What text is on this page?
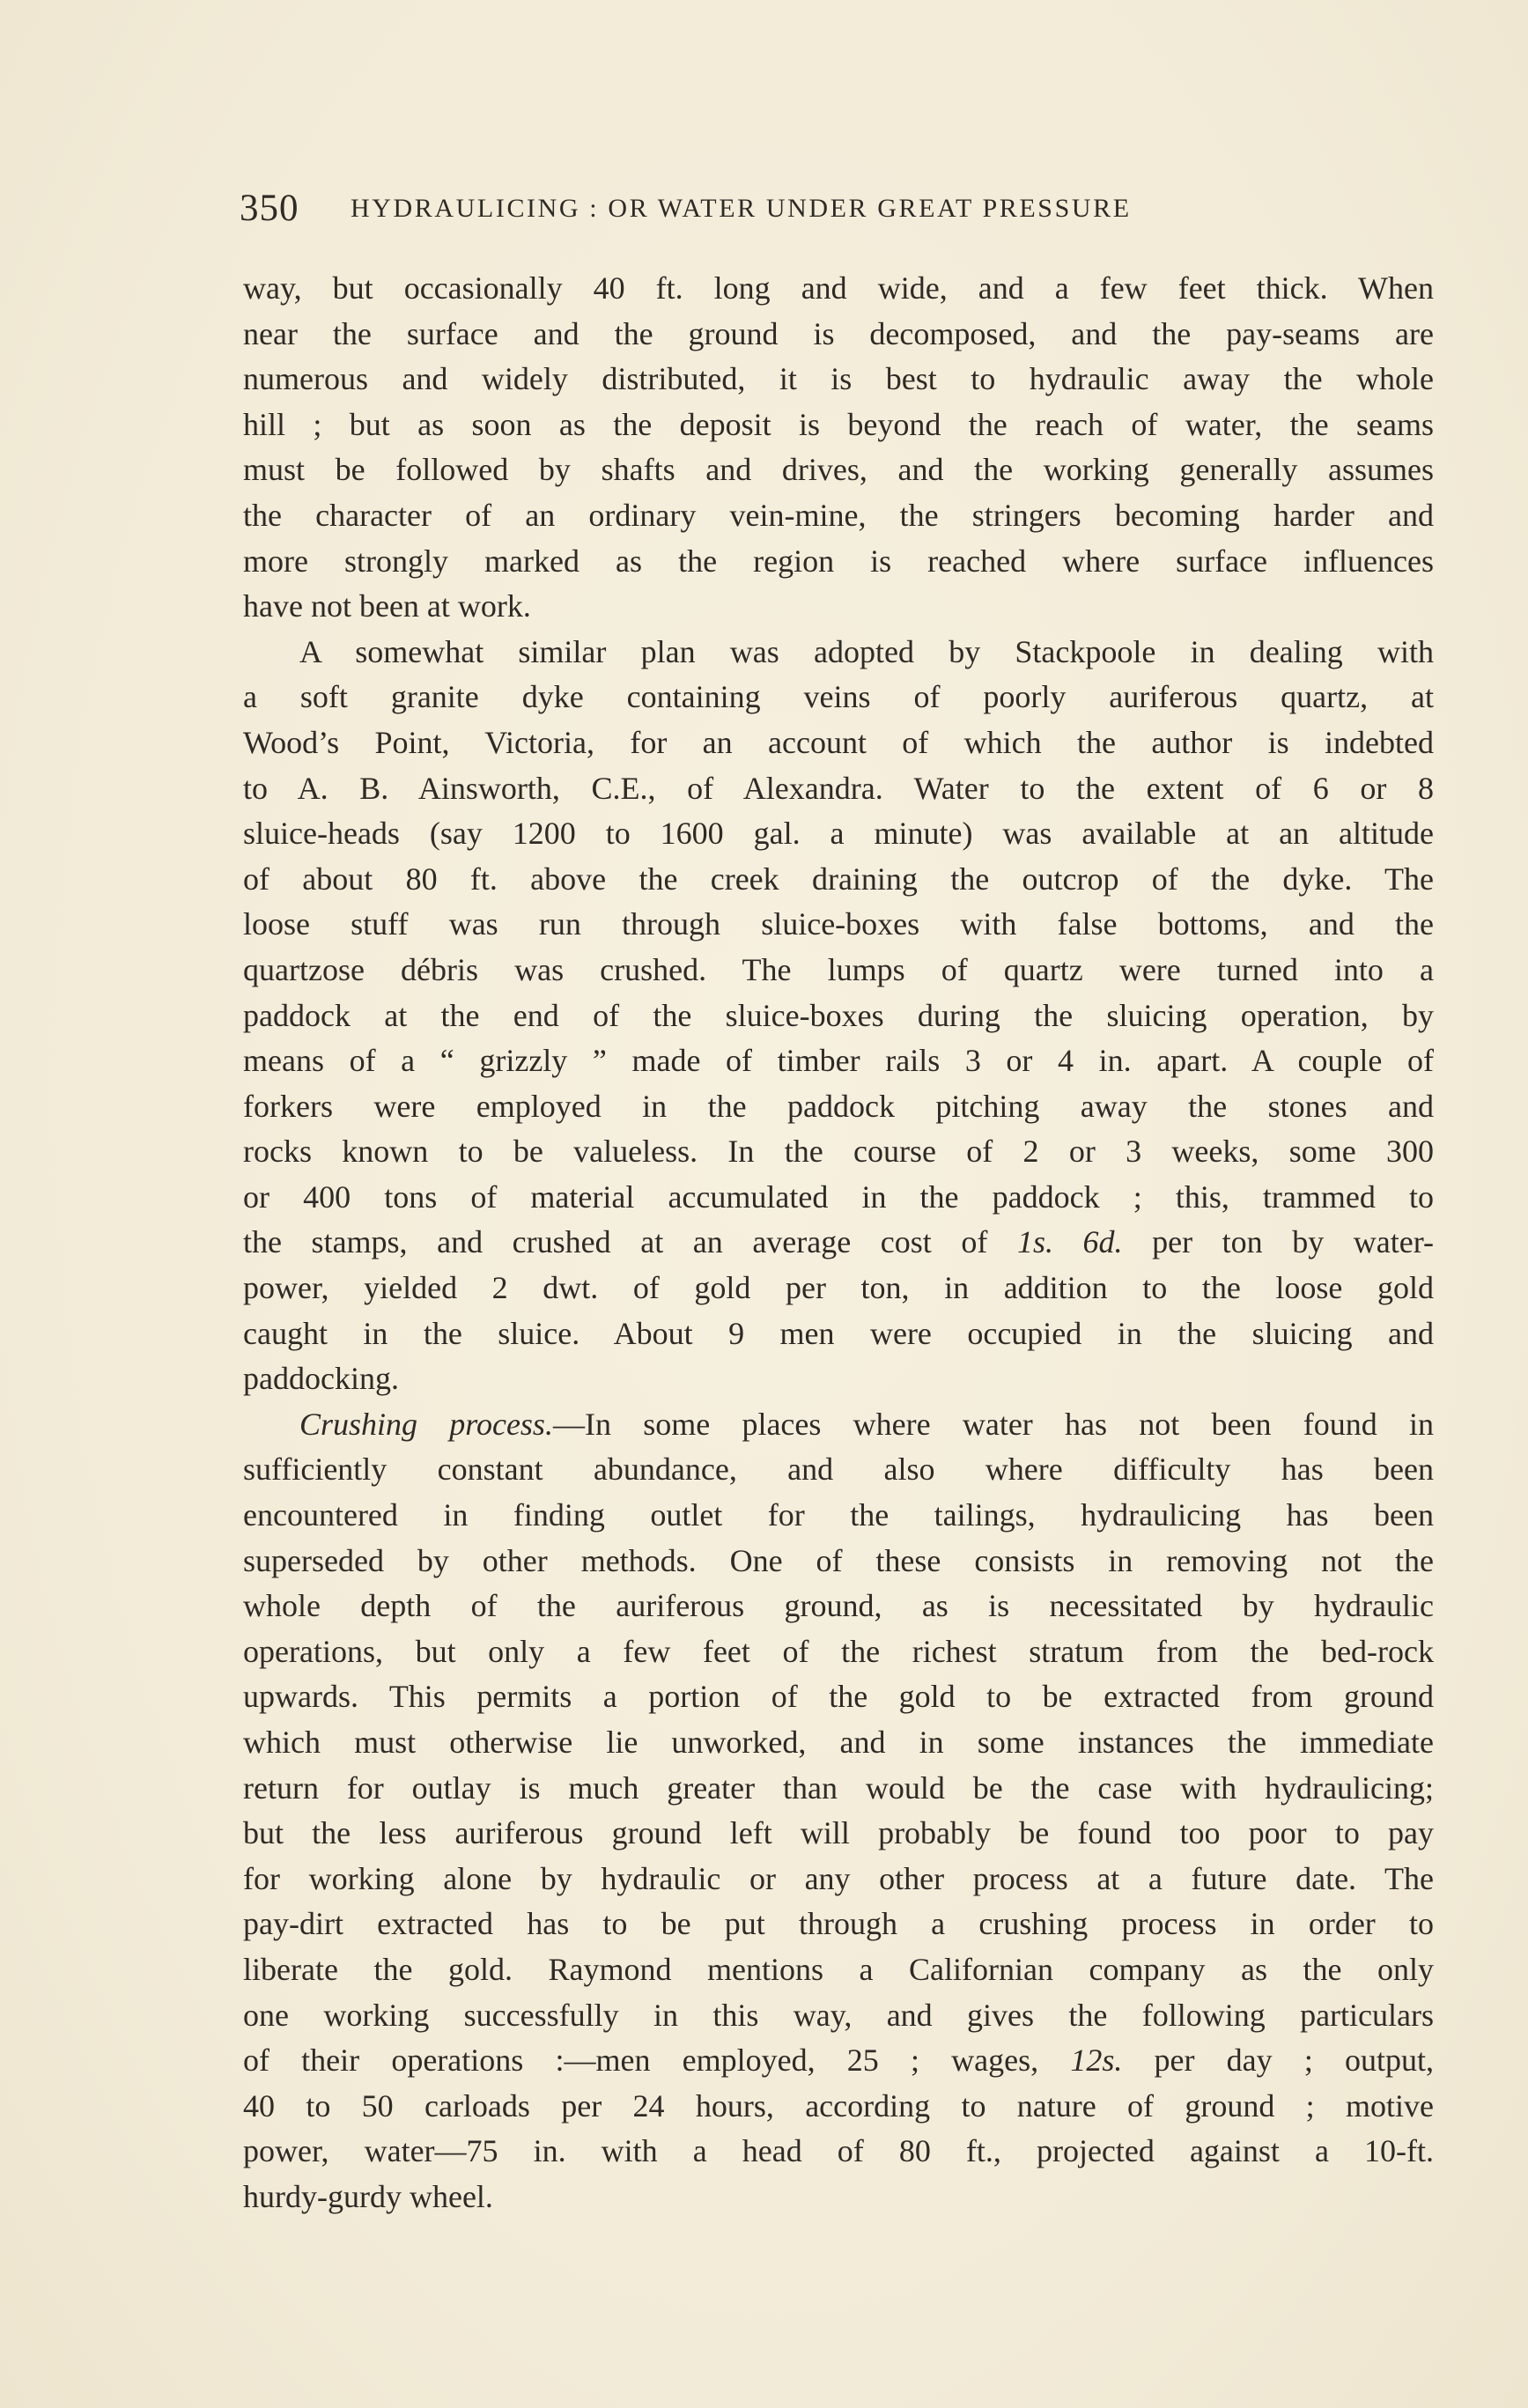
350 HYDRAULICING : OR WATER UNDER GREAT PRESSURE
way, but occasionally 40 ft. long and wide, and a few feet thick. When
near the surface and the ground is decomposed, and the pay-seams are
numerous and widely distributed, it is best to hydraulic away the whole
hill ; but as soon as the deposit is beyond the reach of water, the seams
must be followed by shafts and drives, and the working generally assumes
the character of an ordinary vein-mine, the stringers becoming harder and
more strongly marked as the region is reached where surface influences
have not been at work.
A somewhat similar plan was adopted by Stackpoole in dealing with
a soft granite dyke containing veins of poorly auriferous quartz, at
Wood’s Point, Victoria, for an account of which the author is indebted
to A. B. Ainsworth, C.E., of Alexandra. Water to the extent of 6 or 8
sluice-heads (say 1200 to 1600 gal. a minute) was available at an altitude
of about 80 ft. above the creek draining the outcrop of the dyke. The
loose stuff was run through sluice-boxes with false bottoms, and the
quartzose débris was crushed. The lumps of quartz were turned into a
paddock at the end of the sluice-boxes during the sluicing operation, by
means of a “ grizzly ” made of timber rails 3 or 4 in. apart. A couple of
forkers were employed in the paddock pitching away the stones and
rocks known to be valueless. In the course of 2 or 3 weeks, some 300
or 400 tons of material accumulated in the paddock ; this, trammed to
the stamps, and crushed at an average cost of 1s. 6d. per ton by water-
power, yielded 2 dwt. of gold per ton, in addition to the loose gold
caught in the sluice. About 9 men were occupied in the sluicing and
paddocking.
Crushing process.—In some places where water has not been found in
sufficiently constant abundance, and also where difficulty has been
encountered in finding outlet for the tailings, hydraulicing has been
superseded by other methods. One of these consists in removing not the
whole depth of the auriferous ground, as is necessitated by hydraulic
operations, but only a few feet of the richest stratum from the bed-rock
upwards. This permits a portion of the gold to be extracted from ground
which must otherwise lie unworked, and in some instances the immediate
return for outlay is much greater than would be the case with hydraulicing;
but the less auriferous ground left will probably be found too poor to pay
for working alone by hydraulic or any other process at a future date. The
pay-dirt extracted has to be put through a crushing process in order to
liberate the gold. Raymond mentions a Californian company as the only
one working successfully in this way, and gives the following particulars
of their operations :—men employed, 25 ; wages, 12s. per day ; output,
40 to 50 carloads per 24 hours, according to nature of ground ; motive
power, water—75 in. with a head of 80 ft., projected against a 10-ft.
hurdy-gurdy wheel.
